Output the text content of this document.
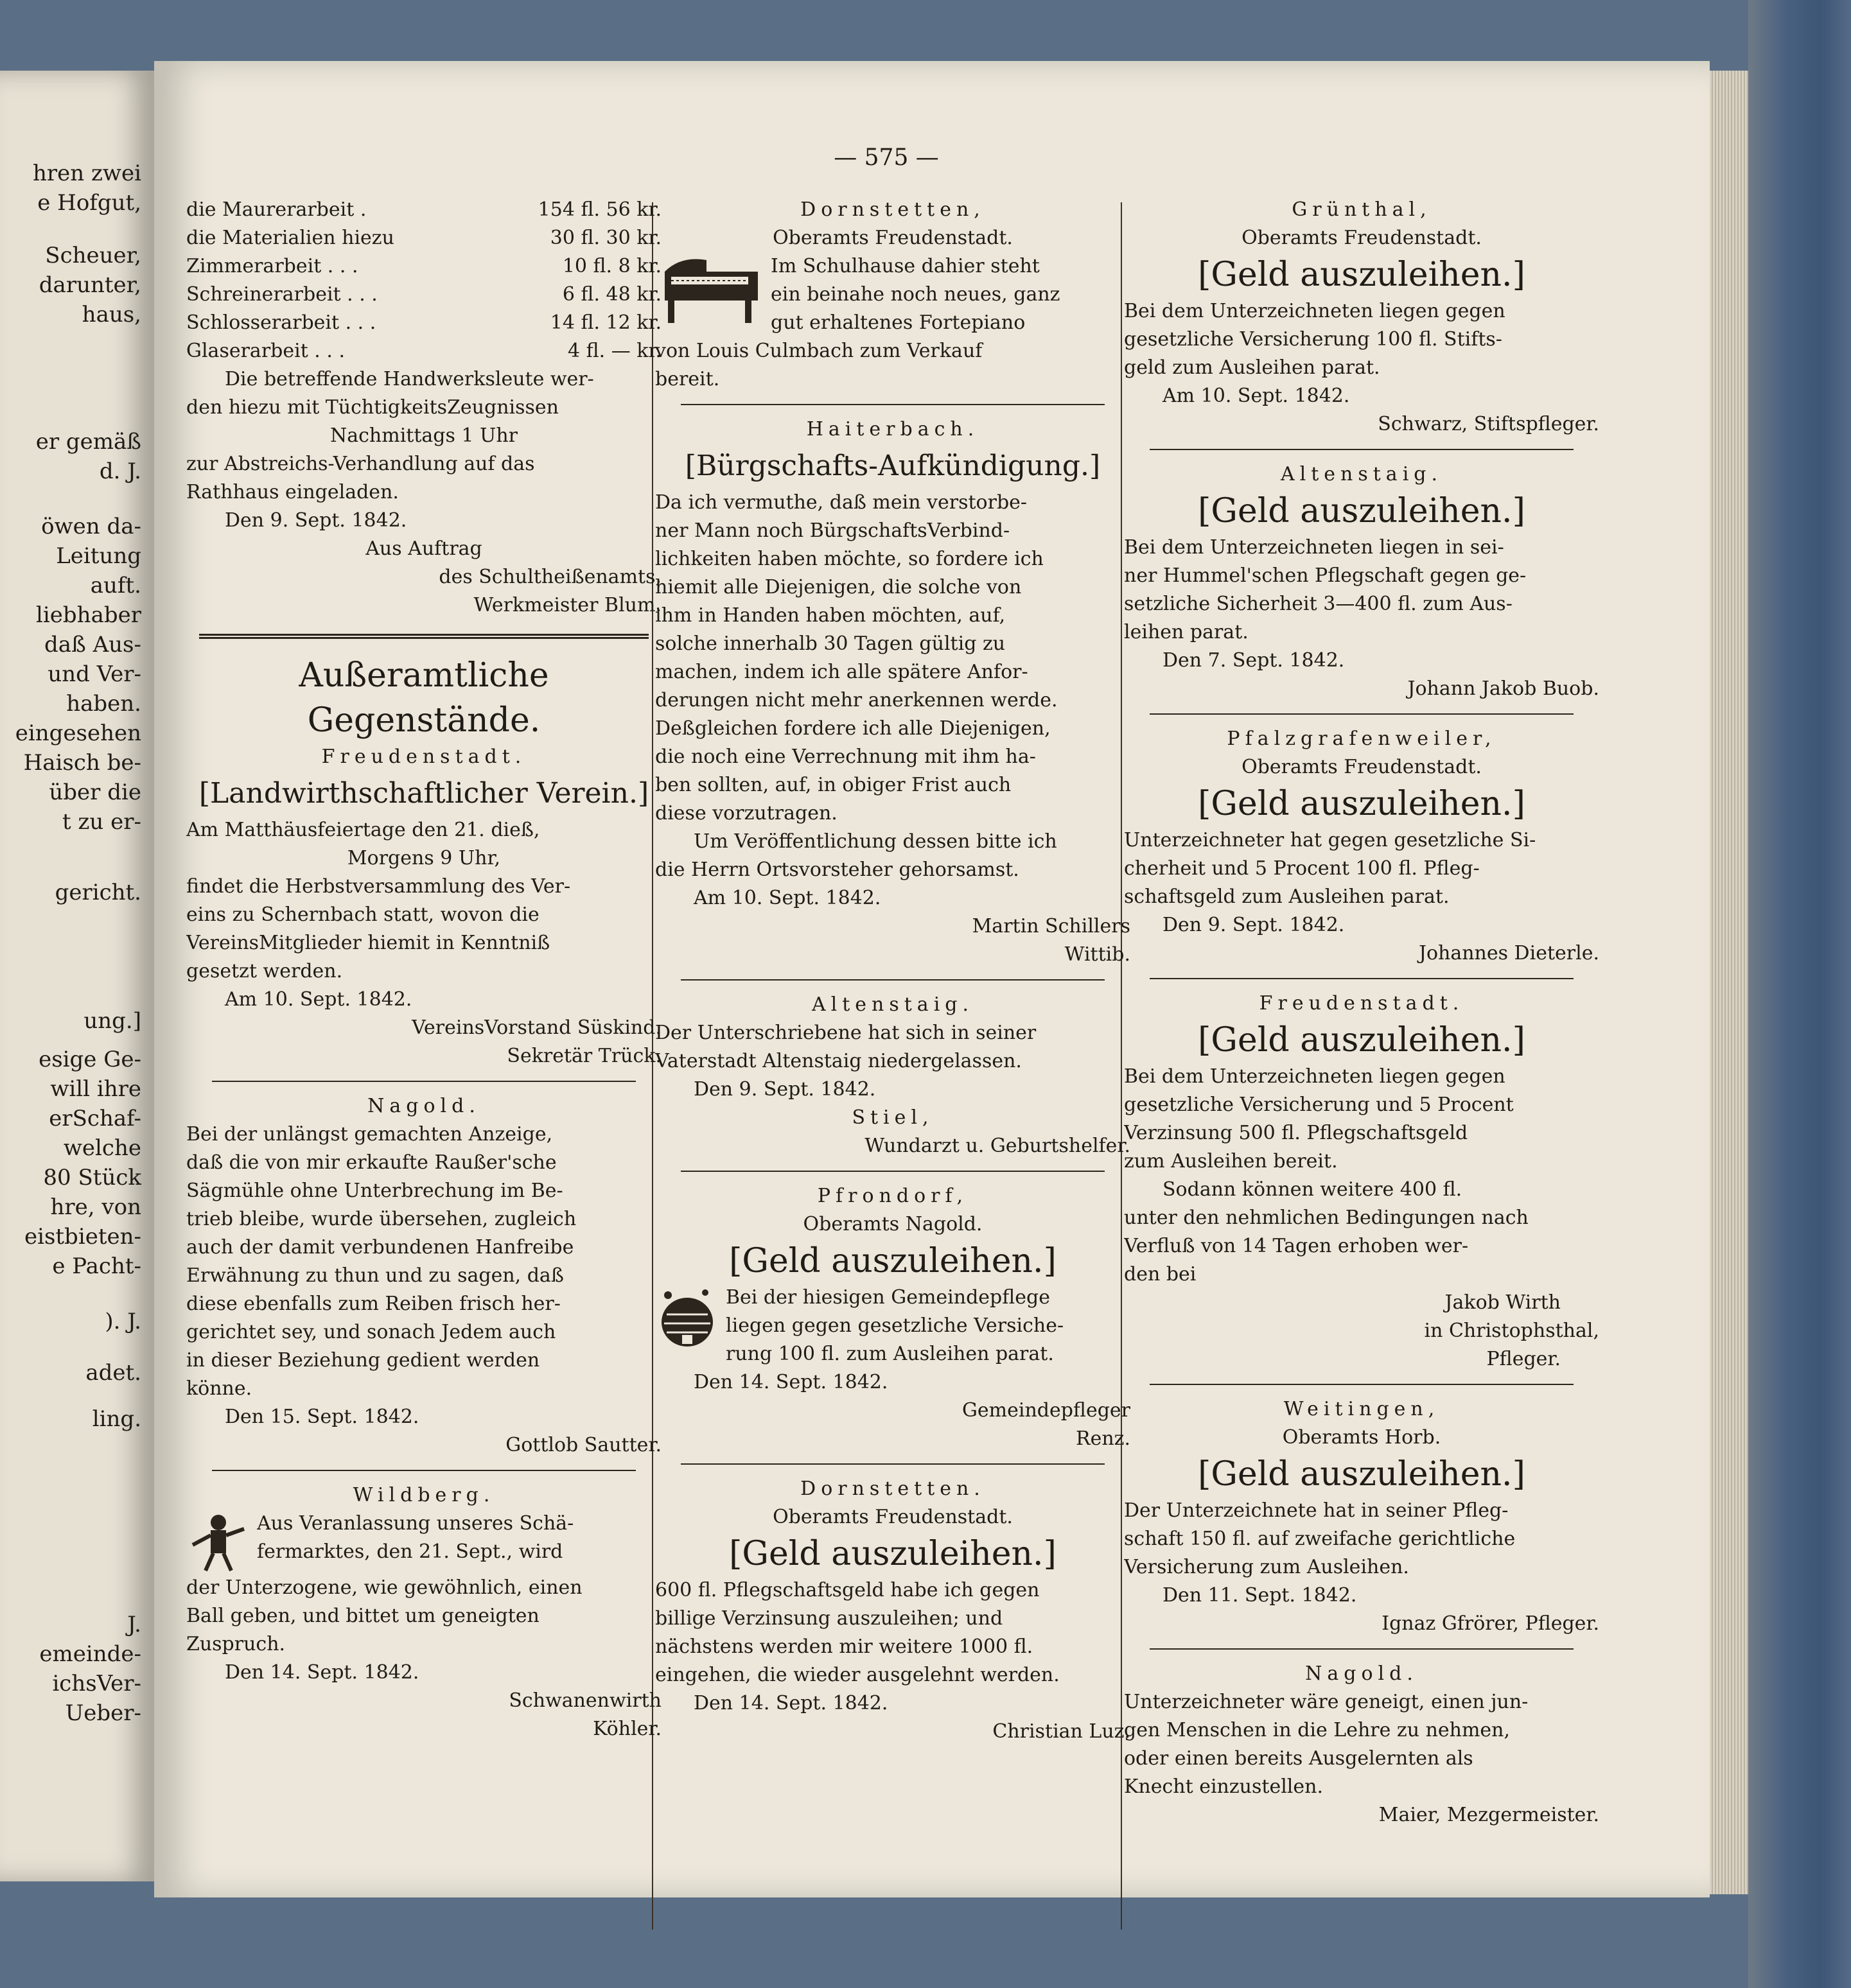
hren zwei
e Hofgut,
Scheuer,
darunter,
haus,
er gemäß
d. J.
öwen da-
Leitung
auft.
liebhaber
daß Aus-
und Ver-
haben.
eingesehen
Haisch be-
über die
t zu er-
gericht.
ung.]
esige Ge-
will ihre
erSchaf-
welche
80 Stück
hre, von
eistbieten-
e Pacht-
). J.
adet.
ling.
J.
emeinde-
ichsVer-
Ueber-
— 575 —
die Maurerarbeit .	154 fl. 56 kr.
die Materialien hiezu	30 fl. 30 kr.
Zimmerarbeit . . .	10 fl. 8 kr.
Schreinerarbeit . . .	6 fl. 48 kr.
Schlosserarbeit . . .	14 fl. 12 kr.
Glaserarbeit . . .	4 fl. — kr.
Die betreffende Handwerksleute wer-
den hiezu mit TüchtigkeitsZeugnissen
Nachmittags 1 Uhr
zur Abstreichs-Verhandlung auf das
Rathhaus eingeladen.
Den 9. Sept. 1842.
Aus Auftrag
des Schultheißenamts,
Werkmeister Blum.
Außeramtliche Gegenstände.
Freudenstadt.
[Landwirthschaftlicher Verein.]
Am Matthäusfeiertage den 21. dieß,
Morgens 9 Uhr,
findet die Herbstversammlung des Ver-
eins zu Schernbach statt, wovon die
VereinsMitglieder hiemit in Kenntniß
gesetzt werden.
Am 10. Sept. 1842.
VereinsVorstand Süskind.
Sekretär Trück.
Nagold.
Bei der unlängst gemachten Anzeige,
daß die von mir erkaufte Raußer'sche
Sägmühle ohne Unterbrechung im Be-
trieb bleibe, wurde übersehen, zugleich
auch der damit verbundenen Hanfreibe
Erwähnung zu thun und zu sagen, daß
diese ebenfalls zum Reiben frisch her-
gerichtet sey, und sonach Jedem auch
in dieser Beziehung gedient werden
könne.
Den 15. Sept. 1842.
Gottlob Sautter.
Wildberg.
Aus Veranlassung unseres Schä-
fermarktes, den 21. Sept., wird
der Unterzogene, wie gewöhnlich, einen
Ball geben, und bittet um geneigten
Zuspruch.
Den 14. Sept. 1842.
Schwanenwirth
Köhler.
Dornstetten,
Oberamts Freudenstadt.
Im Schulhause dahier steht
ein beinahe noch neues, ganz
gut erhaltenes Fortepiano
von Louis Culmbach zum Verkauf
bereit.
Haiterbach.
[Bürgschafts-Aufkündigung.]
Da ich vermuthe, daß mein verstorbe-
ner Mann noch BürgschaftsVerbind-
lichkeiten haben möchte, so fordere ich
hiemit alle Diejenigen, die solche von
ihm in Handen haben möchten, auf,
solche innerhalb 30 Tagen gültig zu
machen, indem ich alle spätere Anfor-
derungen nicht mehr anerkennen werde.
Deßgleichen fordere ich alle Diejenigen,
die noch eine Verrechnung mit ihm ha-
ben sollten, auf, in obiger Frist auch
diese vorzutragen.
Um Veröffentlichung dessen bitte ich
die Herrn Ortsvorsteher gehorsamst.
Am 10. Sept. 1842.
Martin Schillers
Wittib.
Altenstaig.
Der Unterschriebene hat sich in seiner
Vaterstadt Altenstaig niedergelassen.
Den 9. Sept. 1842.
Stiel,
Wundarzt u. Geburtshelfer.
Pfrondorf,
Oberamts Nagold.
[Geld auszuleihen.]
Bei der hiesigen Gemeindepflege
liegen gegen gesetzliche Versiche-
rung 100 fl. zum Ausleihen parat.
Den 14. Sept. 1842.
Gemeindepfleger
Renz.
Dornstetten.
Oberamts Freudenstadt.
[Geld auszuleihen.]
600 fl. Pflegschaftsgeld habe ich gegen
billige Verzinsung auszuleihen; und
nächstens werden mir weitere 1000 fl.
eingehen, die wieder ausgelehnt werden.
Den 14. Sept. 1842.
Christian Luz.
Grünthal,
Oberamts Freudenstadt.
[Geld auszuleihen.]
Bei dem Unterzeichneten liegen gegen
gesetzliche Versicherung 100 fl. Stifts-
geld zum Ausleihen parat.
Am 10. Sept. 1842.
Schwarz, Stiftspfleger.
Altenstaig.
[Geld auszuleihen.]
Bei dem Unterzeichneten liegen in sei-
ner Hummel'schen Pflegschaft gegen ge-
setzliche Sicherheit 3—400 fl. zum Aus-
leihen parat.
Den 7. Sept. 1842.
Johann Jakob Buob.
Pfalzgrafenweiler,
Oberamts Freudenstadt.
[Geld auszuleihen.]
Unterzeichneter hat gegen gesetzliche Si-
cherheit und 5 Procent 100 fl. Pfleg-
schaftsgeld zum Ausleihen parat.
Den 9. Sept. 1842.
Johannes Dieterle.
Freudenstadt.
[Geld auszuleihen.]
Bei dem Unterzeichneten liegen gegen
gesetzliche Versicherung und 5 Procent
Verzinsung 500 fl. Pflegschaftsgeld
zum Ausleihen bereit.
Sodann können weitere 400 fl.
unter den nehmlichen Bedingungen nach
Verfluß von 14 Tagen erhoben wer-
den bei
Jakob Wirth
in Christophsthal,
Pfleger.
Weitingen,
Oberamts Horb.
[Geld auszuleihen.]
Der Unterzeichnete hat in seiner Pfleg-
schaft 150 fl. auf zweifache gerichtliche
Versicherung zum Ausleihen.
Den 11. Sept. 1842.
Ignaz Gfrörer, Pfleger.
Nagold.
Unterzeichneter wäre geneigt, einen jun-
gen Menschen in die Lehre zu nehmen,
oder einen bereits Ausgelernten als
Knecht einzustellen.
Maier, Mezgermeister.
